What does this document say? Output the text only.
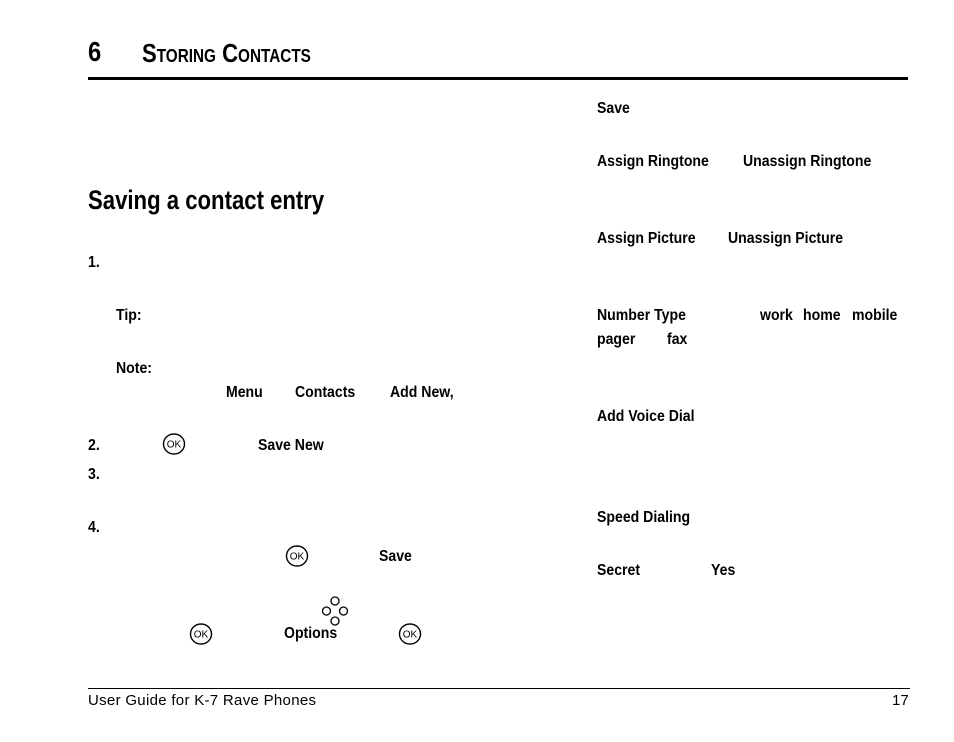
6 Storing Contacts
Saving a contact entry
1.
Tip:
Note:
Menu Contacts Add New,
2.	OK	Save New
3.
4.
OK	Save
OK	Options	OK
Save
Assign Ringtone Unassign Ringtone
Assign Picture Unassign Picture
Number Type	work home mobile
pager fax
Add Voice Dial
Speed Dialing
Secret	Yes
User Guide for K-7 Rave Phones	17
